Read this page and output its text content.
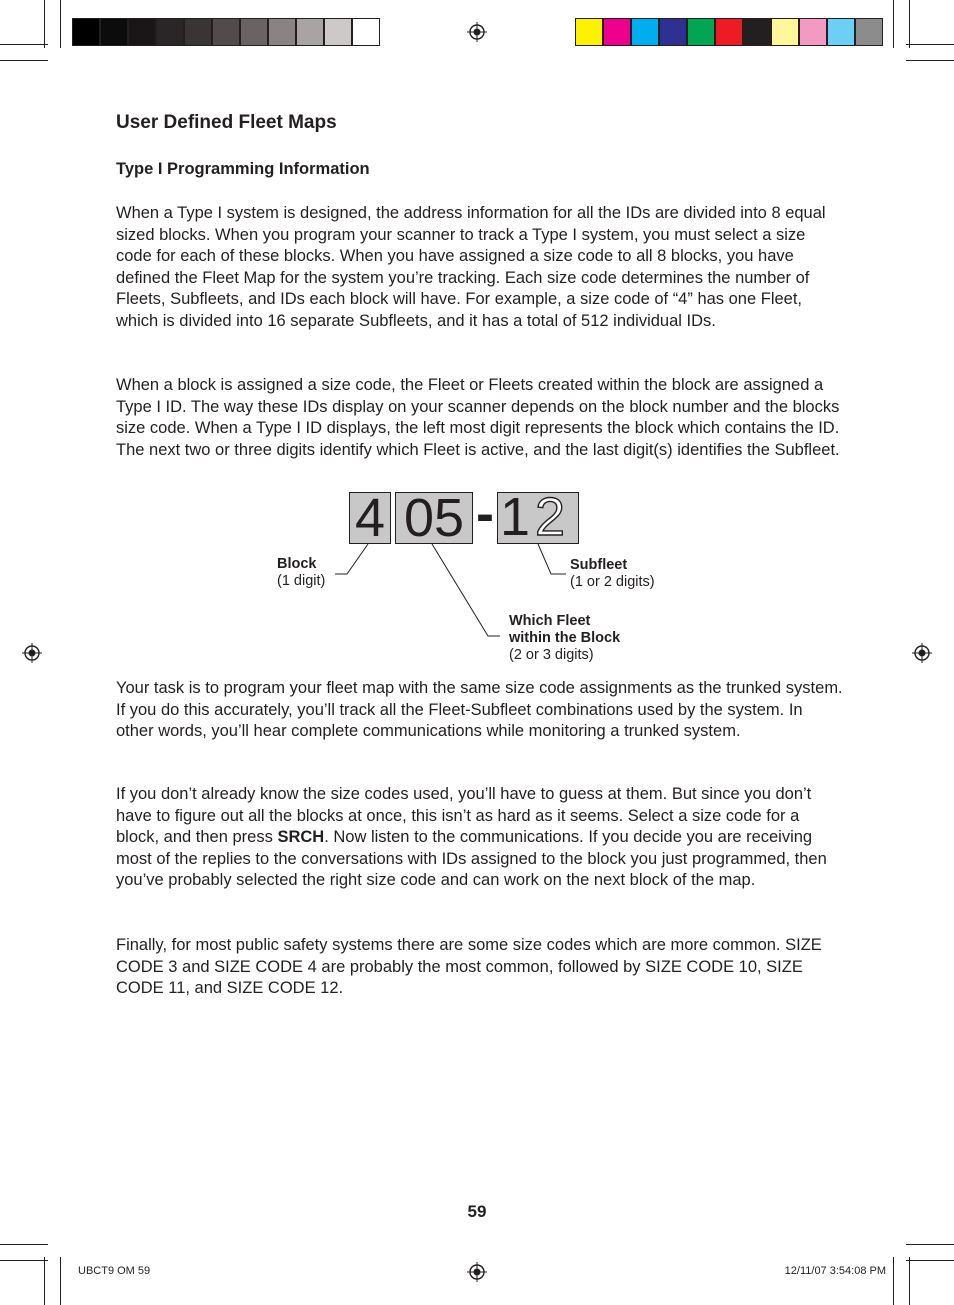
User Defined Fleet Maps
Type I Programming Information
When a Type I system is designed, the address information for all the IDs are divided into 8 equal sized blocks. When you program your scanner to track a Type I system, you must select a size code for each of these blocks. When you have assigned a size code to all 8 blocks, you have defined the Fleet Map for the system you’re tracking. Each size code determines the number of Fleets, Subfleets, and IDs each block will have. For example, a size code of “4” has one Fleet, which is divided into 16 separate Subfleets, and it has a total of 512 individual IDs.
When a block is assigned a size code, the Fleet or Fleets created within the block are assigned a Type I ID. The way these IDs display on your scanner depends on the block number and the blocks size code. When a Type I ID displays, the left most digit represents the block which contains the ID. The next two or three digits identify which Fleet is active, and the last digit(s) identifies the Subfleet.
4 05 - 1 2
Block
(1 digit)
Subfleet
(1 or 2 digits)
Which Fleet
within the Block
(2 or 3 digits)
Your task is to program your fleet map with the same size code assignments as the trunked system. If you do this accurately, you’ll track all the Fleet-Subfleet combinations used by the system. In other words, you’ll hear complete communications while monitoring a trunked system.
If you don’t already know the size codes used, you’ll have to guess at them. But since you don’t have to figure out all the blocks at once, this isn’t as hard as it seems. Select a size code for a block, and then press SRCH. Now listen to the communications. If you decide you are receiving most of the replies to the conversations with IDs assigned to the block you just programmed, then you’ve probably selected the right size code and can work on the next block of the map.
Finally, for most public safety systems there are some size codes which are more common. SIZE CODE 3 and SIZE CODE 4 are probably the most common, followed by SIZE CODE 10, SIZE CODE 11, and SIZE CODE 12.
59
UBCT9 OM 59	12/11/07 3:54:08 PM
